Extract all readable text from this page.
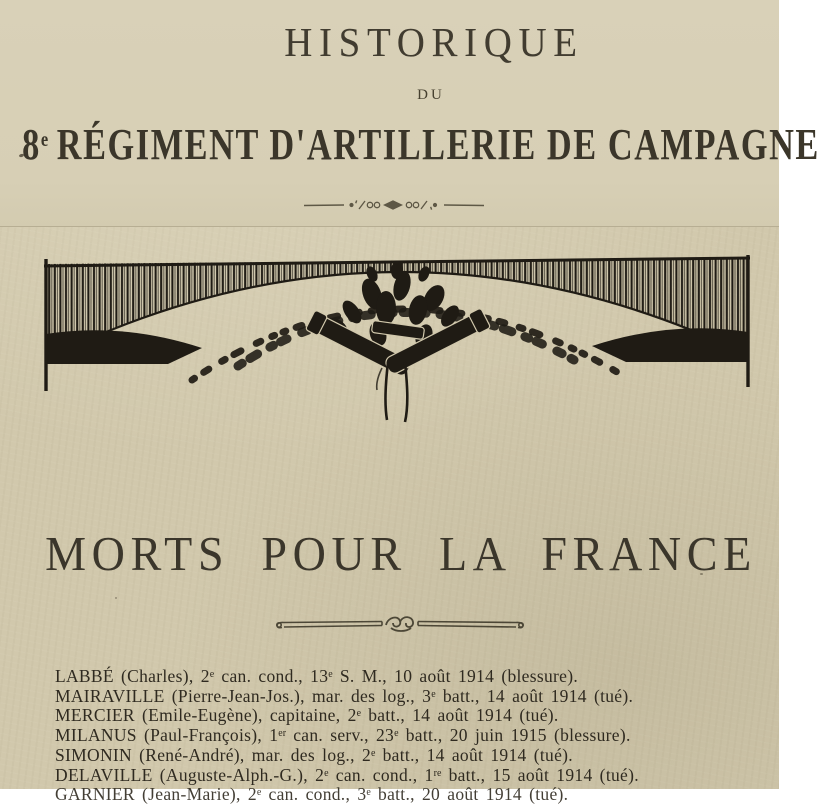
HISTORIQUE
DU
8e RÉGIMENT D'ARTILLERIE DE CAMPAGNE
MORTS POUR LA FRANCE
LABBÉ (Charles), 2e can. cond., 13e S. M., 10 août 1914 (blessure).
MAIRAVILLE (Pierre-Jean-Jos.), mar. des log., 3e batt., 14 août 1914 (tué).
MERCIER (Emile-Eugène), capitaine, 2e batt., 14 août 1914 (tué).
MILANUS (Paul-François), 1er can. serv., 23e batt., 20 juin 1915 (blessure).
SIMONIN (René-André), mar. des log., 2e batt., 14 août 1914 (tué).
DELAVILLE (Auguste-Alph.-G.), 2e can. cond., 1re batt., 15 août 1914 (tué).
GARNIER (Jean-Marie), 2e can. cond., 3e batt., 20 août 1914 (tué).
